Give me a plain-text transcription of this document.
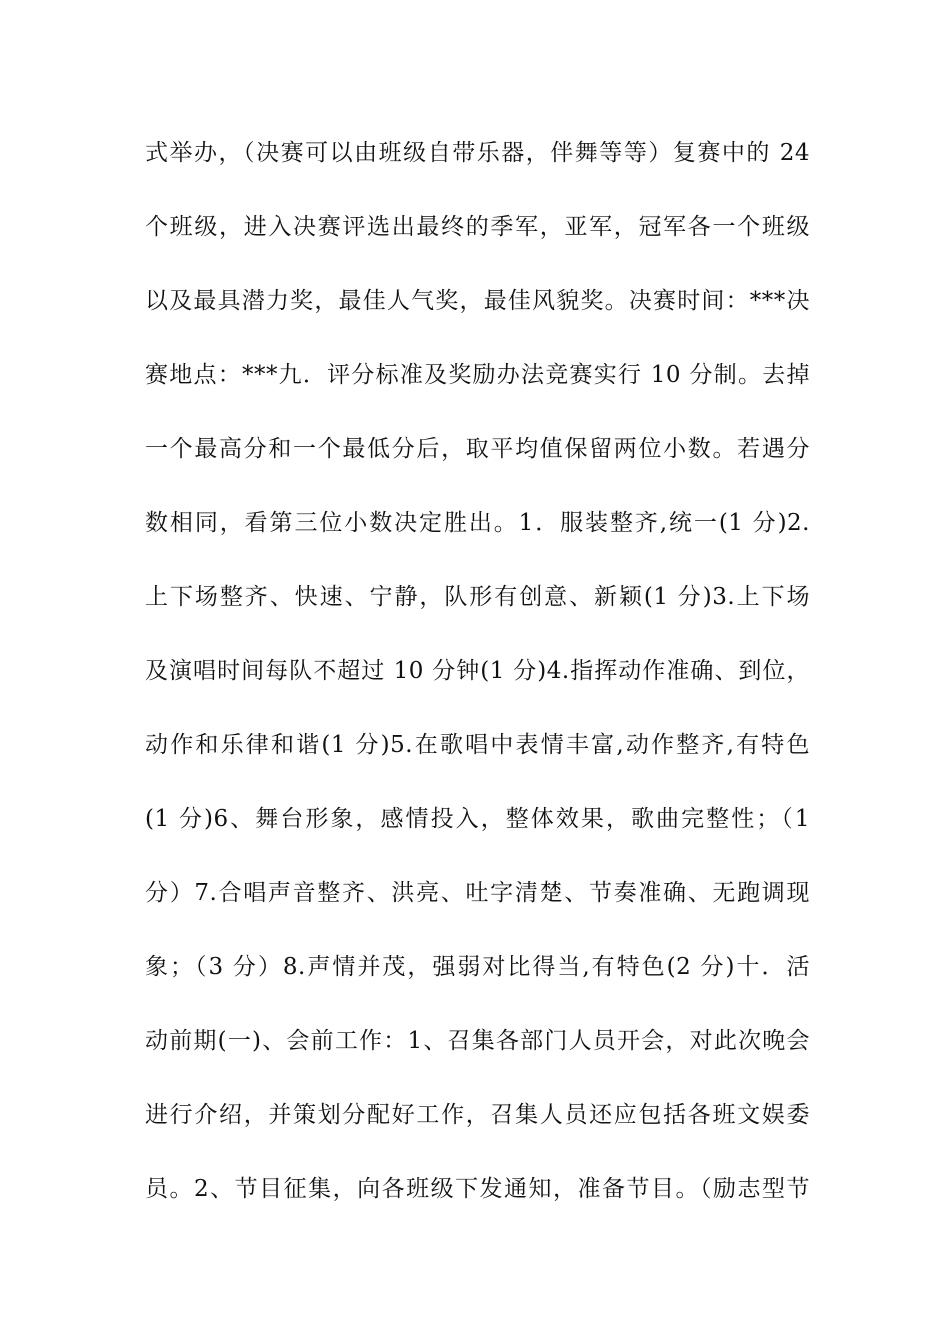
式举办，（决赛可以由班级自带乐器，伴舞等等）复赛中的 24
个班级，进入决赛评选出最终的季军，亚军，冠军各一个班级
以及最具潜力奖，最佳人气奖，最佳风貌奖。决赛时间：***决
赛地点：***九．评分标准及奖励办法竞赛实行 10 分制。去掉
一个最高分和一个最低分后，取平均值保留两位小数。若遇分
数相同，看第三位小数决定胜出。1．服装整齐,统一(1 分)2.
上下场整齐、快速、宁静，队形有创意、新颖(1 分)3.上下场
及演唱时间每队不超过 10 分钟(1 分)4.指挥动作准确、到位，
动作和乐律和谐(1 分)5.在歌唱中表情丰富,动作整齐,有特色
(1 分)6、舞台形象，感情投入，整体效果，歌曲完整性；（1
分）7.合唱声音整齐、洪亮、吐字清楚、节奏准确、无跑调现
象；（3 分）8.声情并茂，强弱对比得当,有特色(2 分)十．活
动前期(一)、会前工作：1、召集各部门人员开会，对此次晚会
进行介绍，并策划分配好工作，召集人员还应包括各班文娱委
员。2、节目征集，向各班级下发通知，准备节目。（励志型节
